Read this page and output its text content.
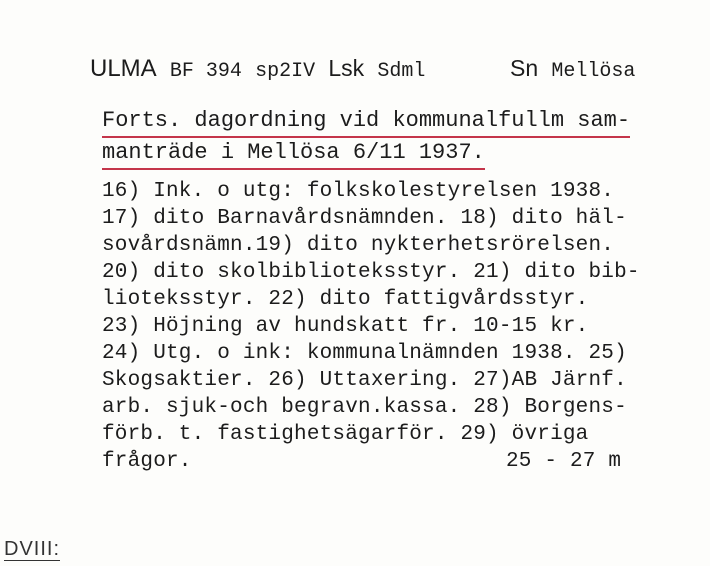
ULMA BF 394 sp2IV Lsk Sdml	Sn Mellösa
Forts. dagordning vid kommunalfullm sam-
manträde i Mellösa 6/11 1937.
16) Ink. o utg: folkskolestyrelsen 1938.
17) dito Barnavårdsnämnden. 18) dito häl-
sovårdsnämn.19) dito nykterhetsrörelsen.
20) dito skolbiblioteksstyr. 21) dito bib-
lioteksstyr. 22) dito fattigvårdsstyr.
23) Höjning av hundskatt fr. 10-15 kr.
24) Utg. o ink: kommunalnämnden 1938. 25)
Skogsaktier. 26) Uttaxering. 27)AB Järnf.
arb. sjuk-och begravn.kassa. 28) Borgens-
förb. t. fastighetsägarför. 29) övriga
frågor.	25 - 27 m
DVIII:
